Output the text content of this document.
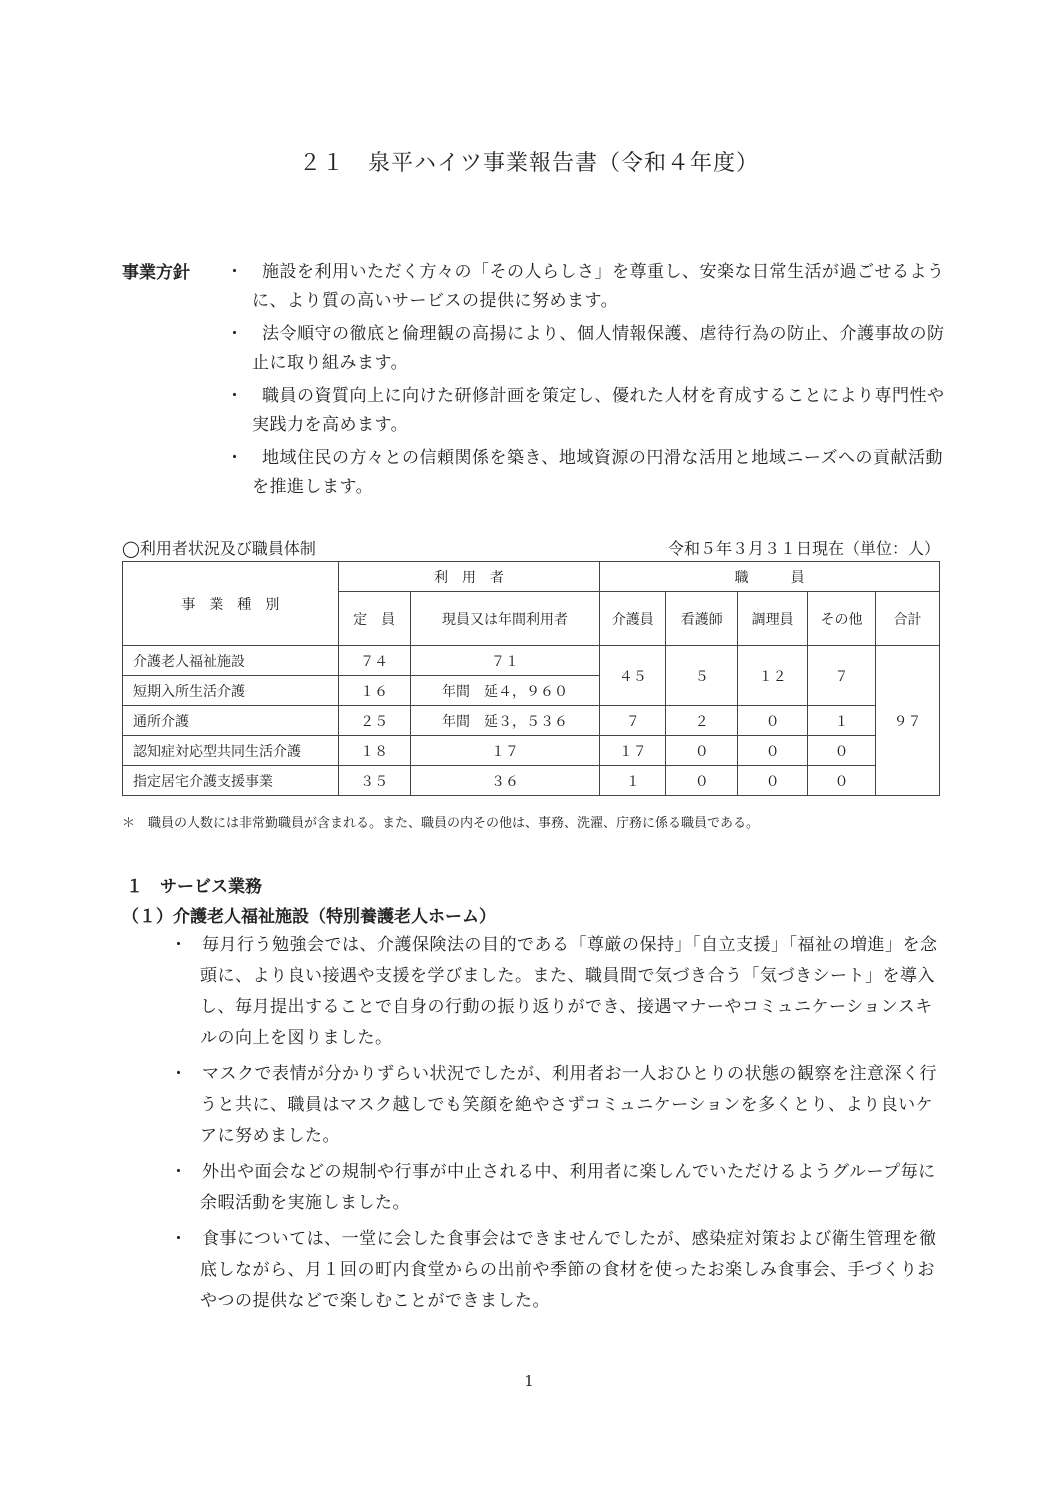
２１　泉平ハイツ事業報告書（令和４年度）
事業方針 ・ 施設を利用いただく方々の「その人らしさ」を尊重し、安楽な日常生活が過ごせるように、より質の高いサービスの提供に努めます。
・ 法令順守の徹底と倫理観の高揚により、個人情報保護、虐待行為の防止、介護事故の防止に取り組みます。
・ 職員の資質向上に向けた研修計画を策定し、優れた人材を育成することにより専門性や実践力を高めます。
・ 地域住民の方々との信頼関係を築き、地域資源の円滑な活用と地域ニーズへの貢献活動を推進します。
◯利用者状況及び職員体制	令和５年３月３１日現在（単位：人）
事　業　種　別	利　用　者		職　　　員				
	定　員	現員又は年間利用者	介護員	看護師	調理員	その他	合計
介護老人福祉施設	７４	７１	４５	５	１２	７	９７
短期入所生活介護	１６	年間　延４，９６０					
通所介護	２５	年間　延３，５３６	７	２	０	１	
認知症対応型共同生活介護	１８	１７	１７	０	０	０	
指定居宅介護支援事業	３５	３６	１	０	０	０	
＊　職員の人数には非常勤職員が含まれる。また、職員の内その他は、事務、洗濯、庁務に係る職員である。
１　サービス業務
（１）介護老人福祉施設（特別養護老人ホーム）
・ 毎月行う勉強会では、介護保険法の目的である「尊厳の保持」「自立支援」「福祉の増進」を念頭に、より良い接遇や支援を学びました。また、職員間で気づき合う「気づきシート」を導入し、毎月提出することで自身の行動の振り返りができ、接遇マナーやコミュニケーションスキルの向上を図りました。
・ マスクで表情が分かりずらい状況でしたが、利用者お一人おひとりの状態の観察を注意深く行うと共に、職員はマスク越しでも笑顔を絶やさずコミュニケーションを多くとり、より良いケアに努めました。
・ 外出や面会などの規制や行事が中止される中、利用者に楽しんでいただけるようグループ毎に余暇活動を実施しました。
・ 食事については、一堂に会した食事会はできませんでしたが、感染症対策および衛生管理を徹底しながら、月１回の町内食堂からの出前や季節の食材を使ったお楽しみ食事会、手づくりおやつの提供などで楽しむことができました。
1
